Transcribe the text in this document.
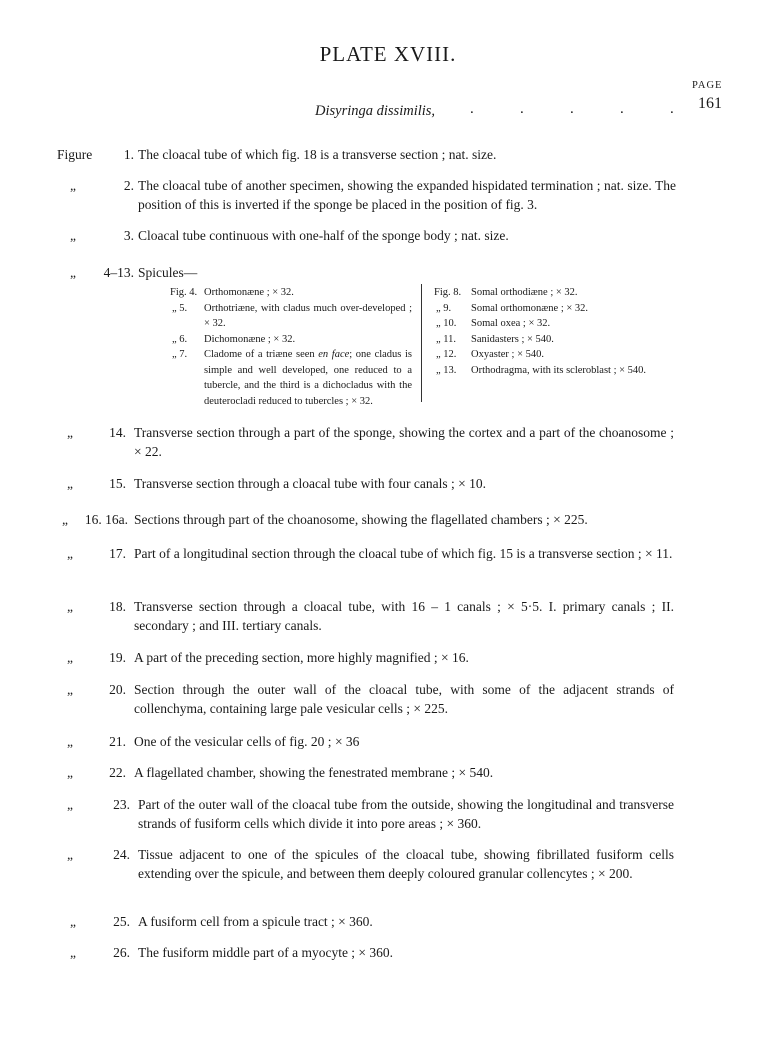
PLATE XVIII.
PAGE
161
Disyringa dissimilis, .	.	.	.	.
Figure	1. The cloacal tube of which fig. 18 is a transverse section ; nat. size.
„	2. The cloacal tube of another specimen, showing the expanded hispidated termination ; nat. size. The position of this is inverted if the sponge be placed in the position of fig. 3.
„	3. Cloacal tube continuous with one-half of the sponge body ; nat. size.
„	4–13. Spicules—
Fig. 4. Orthomonæne ; × 32.
„ 5. Orthotriæne, with cladus much over-developed ; × 32.
„ 6. Dichomonæne ; × 32.
„ 7. Cladome of a triæne seen en face; one cladus is simple and well developed, one reduced to a tubercle, and the third is a dichocladus with the deuterocladi reduced to tubercles ; × 32.
Fig. 8. Somal orthodiæne ; × 32.
„ 9. Somal orthomonæne ; × 32.
„ 10. Somal oxea ; × 32.
„ 11. Sanidasters ; × 540.
„ 12. Oxyaster ; × 540.
„ 13. Orthodragma, with its scleroblast ; × 540.
„	14. Transverse section through a part of the sponge, showing the cortex and a part of the choanosome ; × 22.
„	15. Transverse section through a cloacal tube with four canals ; × 10.
„	16. 16a. Sections through part of the choanosome, showing the flagellated chambers ; × 225.
„	17. Part of a longitudinal section through the cloacal tube of which fig. 15 is a transverse section ; × 11.
„	18. Transverse section through a cloacal tube, with 16 – 1 canals ; × 5·5. I. primary canals ; II. secondary ; and III. tertiary canals.
„	19. A part of the preceding section, more highly magnified ; × 16.
„	20. Section through the outer wall of the cloacal tube, with some of the adjacent strands of collenchyma, containing large pale vesicular cells ; × 225.
„	21. One of the vesicular cells of fig. 20 ; × 36
„	22. A flagellated chamber, showing the fenestrated membrane ; × 540.
„	23. Part of the outer wall of the cloacal tube from the outside, showing the longitudinal and transverse strands of fusiform cells which divide it into pore areas ; × 360.
„	24. Tissue adjacent to one of the spicules of the cloacal tube, showing fibrillated fusiform cells extending over the spicule, and between them deeply coloured granular collencytes ; × 200.
„	25. A fusiform cell from a spicule tract ; × 360.
„	26. The fusiform middle part of a myocyte ; × 360.
